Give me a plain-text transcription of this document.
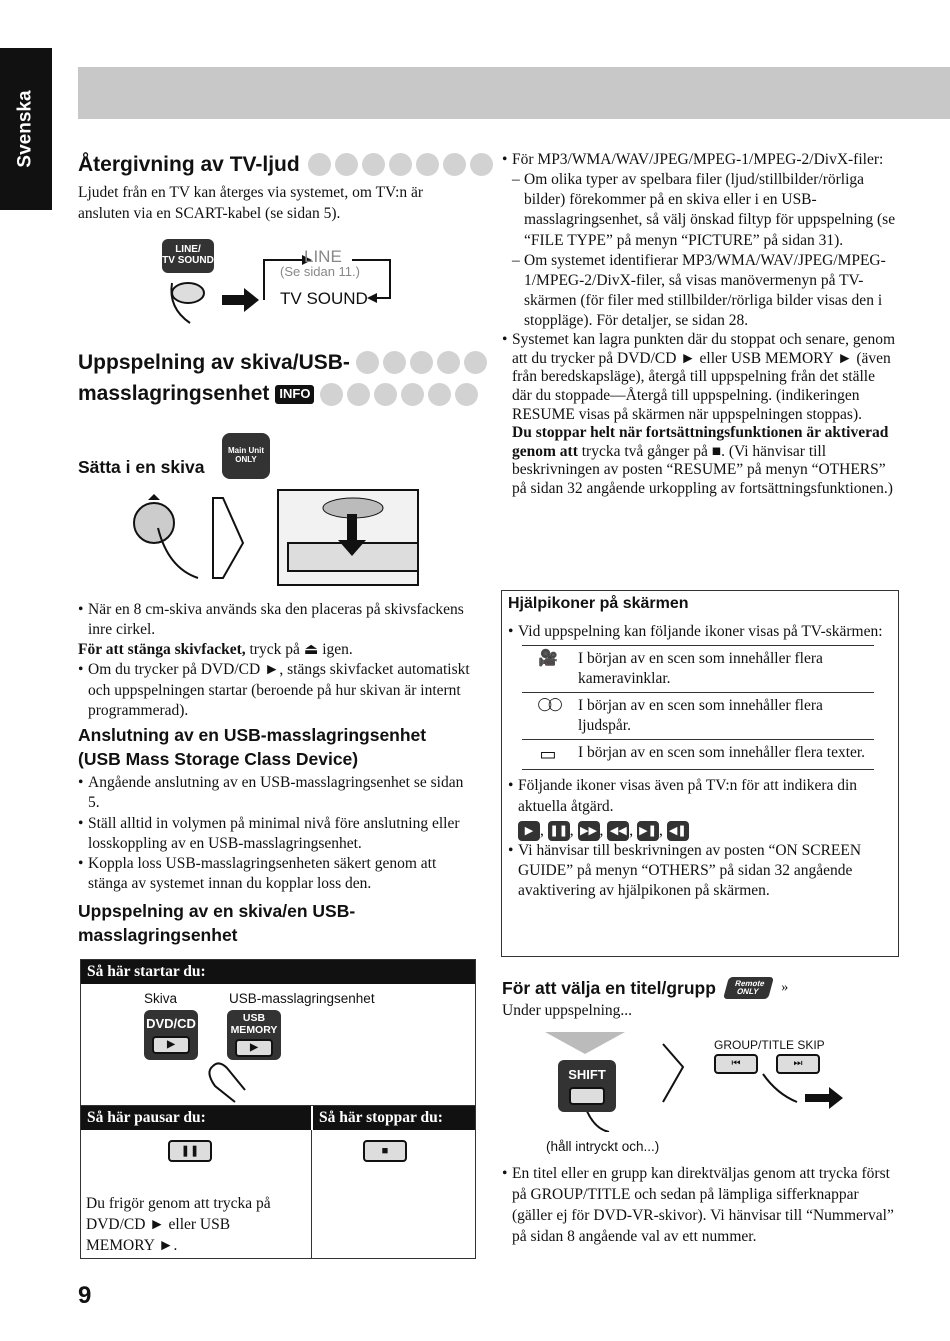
Svenska Återgivning av TV-ljud

Ljudet från en TV kan återges via systemet, om TV:n är ansluten via en SCART-kabel (se sidan 5).

LINE/
TV SOUND	LINE
(Se sidan 11.)
TV SOUND
Uppspelning av skiva/USB-
masslagringsenhet INFO
Sätta i en skiva
Main Unit
ONLY
• När en 8 cm-skiva används ska den placeras på skivsfackens inre cirkel.

För att stänga skivfacket, tryck på ⏏ igen.

• Om du trycker på DVD/CD ►, stängs skivfacket automatiskt och uppspelningen startar (beroende på hur skivan är internt programmerad).
Anslutning av en USB-masslagringsenhet (USB Mass Storage Class Device)
• Angående anslutning av en USB-masslagringsenhet se sidan 5.
• Ställ alltid in volymen på minimal nivå före anslutning eller losskoppling av en USB-masslagringsenhet.
• Koppla loss USB-masslagringsenheten säkert genom att stänga av systemet innan du kopplar loss den.
Uppspelning av en skiva/en USB-masslagringsenhet
Så här startar du:
Skiva	USB-masslagringsenhet
DVD/CD
▶
USB
MEMORY
▶
Så här pausar du:	Så här stoppar du:
❚❚	■

Du frigör genom att trycka på DVD/CD ► eller USB MEMORY ►.

• För MP3/WMA/WAV/JPEG/MPEG-1/MPEG-2/DivX-filer:
– Om olika typer av spelbara filer (ljud/stillbilder/rörliga bilder) förekommer på en skiva eller i en USB-masslagringsenhet, så välj önskad filtyp för uppspelning (se “FILE TYPE” på menyn “PICTURE” på sidan 31).
– Om systemet identifierar MP3/WMA/WAV/JPEG/MPEG-1/MPEG-2/DivX-filer, så visas manövermenyn på TV-skärmen (för filer med stillbilder/rörliga bilder visas den i stoppläge). För detaljer, se sidan 28.
• Systemet kan lagra punkten där du stoppat och senare, genom att du trycker på DVD/CD ► eller USB MEMORY ► (även från beredskapsläge), återgå till uppspelning från det ställe där du stoppade—Återgå till uppspelning. (indikeringen RESUME visas på skärmen när uppspelningen stoppas).
Du stoppar helt när fortsättningsfunktionen är aktiverad genom att trycka två gånger på ■. (Vi hänvisar till beskrivningen av posten “RESUME” på menyn “OTHERS” på sidan 32 angående urkoppling av fortsättningsfunktionen.)
Hjälpikoner på skärmen
• Vid uppspelning kan följande ikoner visas på TV-skärmen:
🎥	I början av en scen som innehåller flera kameravinklar.
◯◯	I början av en scen som innehåller flera ljudspår.
▭	I början av en scen som innehåller flera texter.
• Följande ikoner visas även på TV:n för att indikera din aktuella åtgärd.
▶ , ❚❚ , ▶▶ , ◀◀ , ▶❚ , ◀❚
• Vi hänvisar till beskrivningen av posten “ON SCREEN GUIDE” på menyn “OTHERS” på sidan 32 angående avaktivering av hjälpikonen på skärmen.
För att välja en titel/grupp	Remote
ONLY	»

Under uppspelning...

SHIFT
GROUP/TITLE SKIP
⏮	⏭
(håll intryckt och...)
• En titel eller en grupp kan direktväljas genom att trycka först på GROUP/TITLE och sedan på lämpliga sifferknappar (gäller ej för DVD-VR-skivor). Vi hänvisar till “Nummerval” på sidan 8 angående val av ett nummer.
9
